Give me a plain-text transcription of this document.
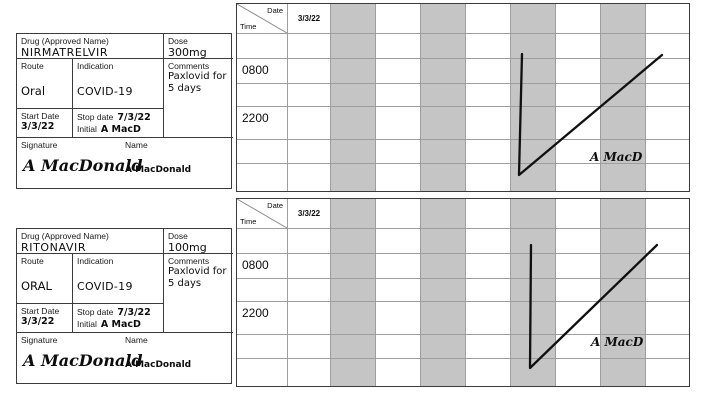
Drug (Approved Name)
NIRMATRELVIR
Dose
300mg
Route
Oral
Indication
COVID-19
Comments
Paxlovid for
5 days
Start Date
3/3/22
Stop date 7/3/22
Initial A MacD
Signature	Name
A MacDonald
A MacDonald
Date
Time
3/3/22
0800
2200
A MacD
Drug (Approved Name)
RITONAVIR
Dose
100mg
Route
ORAL
Indication
COVID-19
Comments
Paxlovid for
5 days
Start Date
3/3/22
Stop date 7/3/22
Initial A MacD
Signature	Name
A MacDonald
A MacDonald
Date
Time
3/3/22
0800
2200
A MacD
